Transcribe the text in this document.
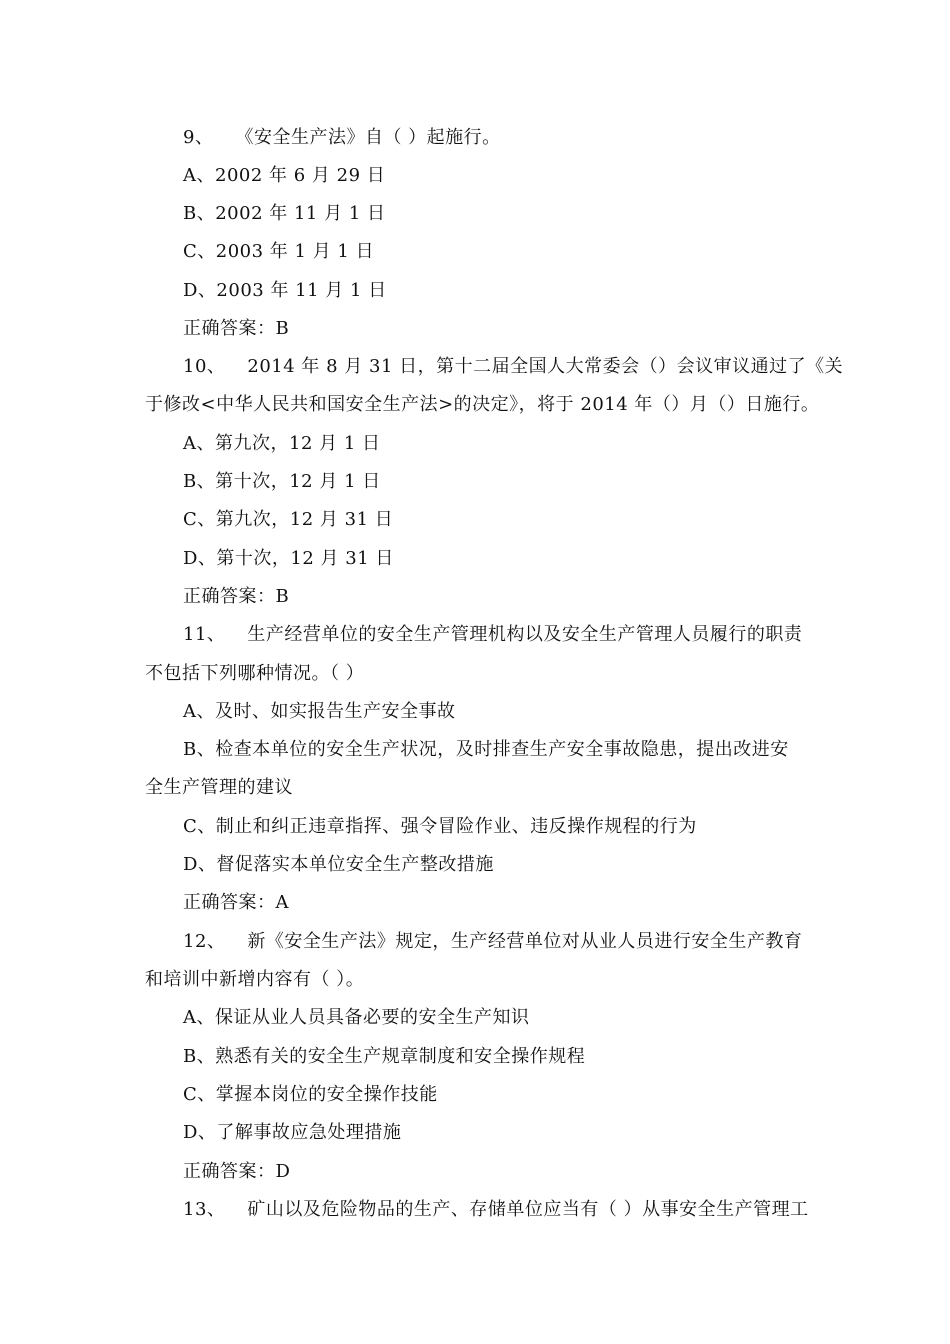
9、 《安全生产法》自（ ）起施行。
A、2002 年 6 月 29 日
B、2002 年 11 月 1 日
C、2003 年 1 月 1 日
D、2003 年 11 月 1 日
正确答案：B
10、 2014 年 8 月 31 日，第十二届全国人大常委会（）会议审议通过了《关
于修改<中华人民共和国安全生产法>的决定》，将于 2014 年（）月（）日施行。
A、第九次，12 月 1 日
B、第十次，12 月 1 日
C、第九次，12 月 31 日
D、第十次，12 月 31 日
正确答案：B
11、 生产经营单位的安全生产管理机构以及安全生产管理人员履行的职责
不包括下列哪种情况。（ ）
A、及时、如实报告生产安全事故
B、检查本单位的安全生产状况，及时排查生产安全事故隐患，提出改进安
全生产管理的建议
C、制止和纠正违章指挥、强令冒险作业、违反操作规程的行为
D、督促落实本单位安全生产整改措施
正确答案：A
12、 新《安全生产法》规定，生产经营单位对从业人员进行安全生产教育
和培训中新增内容有（ ）。
A、保证从业人员具备必要的安全生产知识
B、熟悉有关的安全生产规章制度和安全操作规程
C、掌握本岗位的安全操作技能
D、了解事故应急处理措施
正确答案：D
13、 矿山以及危险物品的生产、存储单位应当有（ ）从事安全生产管理工
